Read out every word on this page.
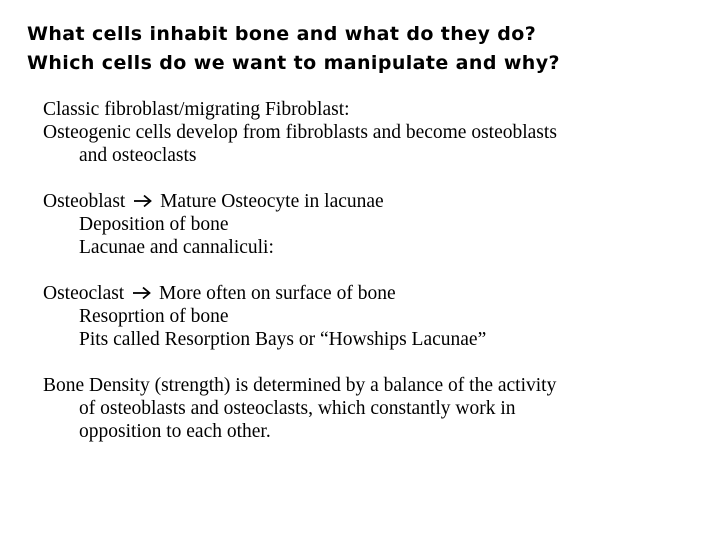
What cells inhabit bone and what do they do?
Which cells do we want to manipulate and why?
Classic fibroblast/migrating Fibroblast:
Osteogenic cells develop from fibroblasts and become osteoblasts
and osteoclasts
Osteoblast Mature Osteocyte in lacunae
Deposition of bone
Lacunae and cannaliculi:
Osteoclast More often on surface of bone
Resoprtion of bone
Pits called Resorption Bays or “Howships Lacunae”
Bone Density (strength) is determined by a balance of the activity
of osteoblasts and osteoclasts, which constantly work in
opposition to each other.
